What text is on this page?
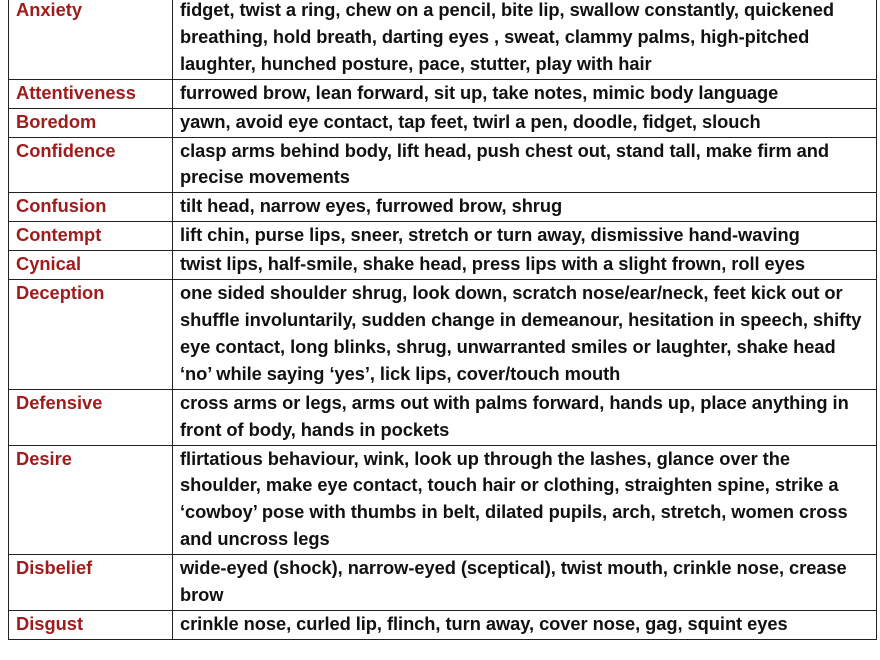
Anxiety	fidget, twist a ring, chew on a pencil, bite lip, swallow constantly, quickened breathing, hold breath, darting eyes , sweat, clammy palms, high-pitched laughter, hunched posture, pace, stutter, play with hair
Attentiveness	furrowed brow, lean forward, sit up, take notes, mimic body language
Boredom	yawn, avoid eye contact, tap feet, twirl a pen, doodle, fidget, slouch
Confidence	clasp arms behind body, lift head, push chest out, stand tall, make firm and precise movements
Confusion	tilt head, narrow eyes, furrowed brow, shrug
Contempt	lift chin, purse lips, sneer, stretch or turn away, dismissive hand-waving
Cynical	twist lips, half-smile, shake head, press lips with a slight frown, roll eyes
Deception	one sided shoulder shrug, look down, scratch nose/ear/neck, feet kick out or shuffle involuntarily, sudden change in demeanour, hesitation in speech, shifty eye contact, long blinks, shrug, unwarranted smiles or laughter, shake head ‘no’ while saying ‘yes’, lick lips, cover/touch mouth
Defensive	cross arms or legs, arms out with palms forward, hands up, place anything in front of body, hands in pockets
Desire	flirtatious behaviour, wink, look up through the lashes, glance over the shoulder, make eye contact, touch hair or clothing, straighten spine, strike a ‘cowboy’ pose with thumbs in belt, dilated pupils, arch, stretch, women cross and uncross legs
Disbelief	wide-eyed (shock), narrow-eyed (sceptical), twist mouth, crinkle nose, crease brow
Disgust	crinkle nose, curled lip, flinch, turn away, cover nose, gag, squint eyes
